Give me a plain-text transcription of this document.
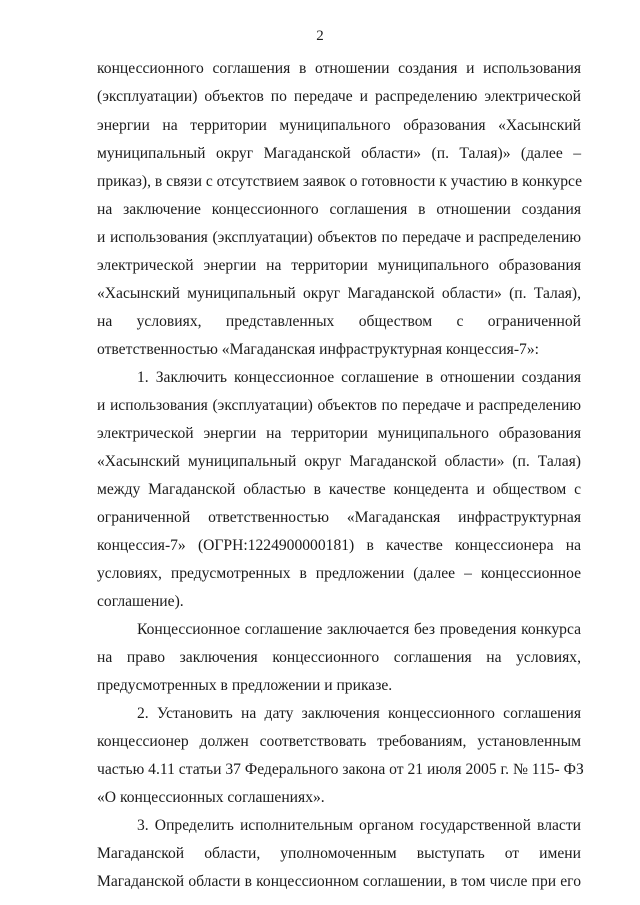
2
концессионного соглашения в отношении создания и использования
(эксплуатации) объектов по передаче и распределению электрической
энергии на территории муниципального образования «Хасынский
муниципальный округ Магаданской области» (п. Талая)» (далее –
приказ), в связи с отсутствием заявок о готовности к участию в конкурсе
на заключение концессионного соглашения в отношении создания
и использования (эксплуатации) объектов по передаче и распределению
электрической энергии на территории муниципального образования
«Хасынский муниципальный округ Магаданской области» (п. Талая),
на условиях, представленных обществом с ограниченной
ответственностью «Магаданская инфраструктурная концессия-7»:
1. Заключить концессионное соглашение в отношении создания
и использования (эксплуатации) объектов по передаче и распределению
электрической энергии на территории муниципального образования
«Хасынский муниципальный округ Магаданской области» (п. Талая)
между Магаданской областью в качестве концедента и обществом с
ограниченной ответственностью «Магаданская инфраструктурная
концессия-7» (ОГРН:1224900000181) в качестве концессионера на
условиях, предусмотренных в предложении (далее – концессионное
соглашение).
Концессионное соглашение заключается без проведения конкурса
на право заключения концессионного соглашения на условиях,
предусмотренных в предложении и приказе.
2. Установить на дату заключения концессионного соглашения
концессионер должен соответствовать требованиям, установленным
частью 4.11 статьи 37 Федерального закона от 21 июля 2005 г. № 115- ФЗ
«О концессионных соглашениях».
3. Определить исполнительным органом государственной власти
Магаданской области, уполномоченным выступать от имени
Магаданской области в концессионном соглашении, в том числе при его
